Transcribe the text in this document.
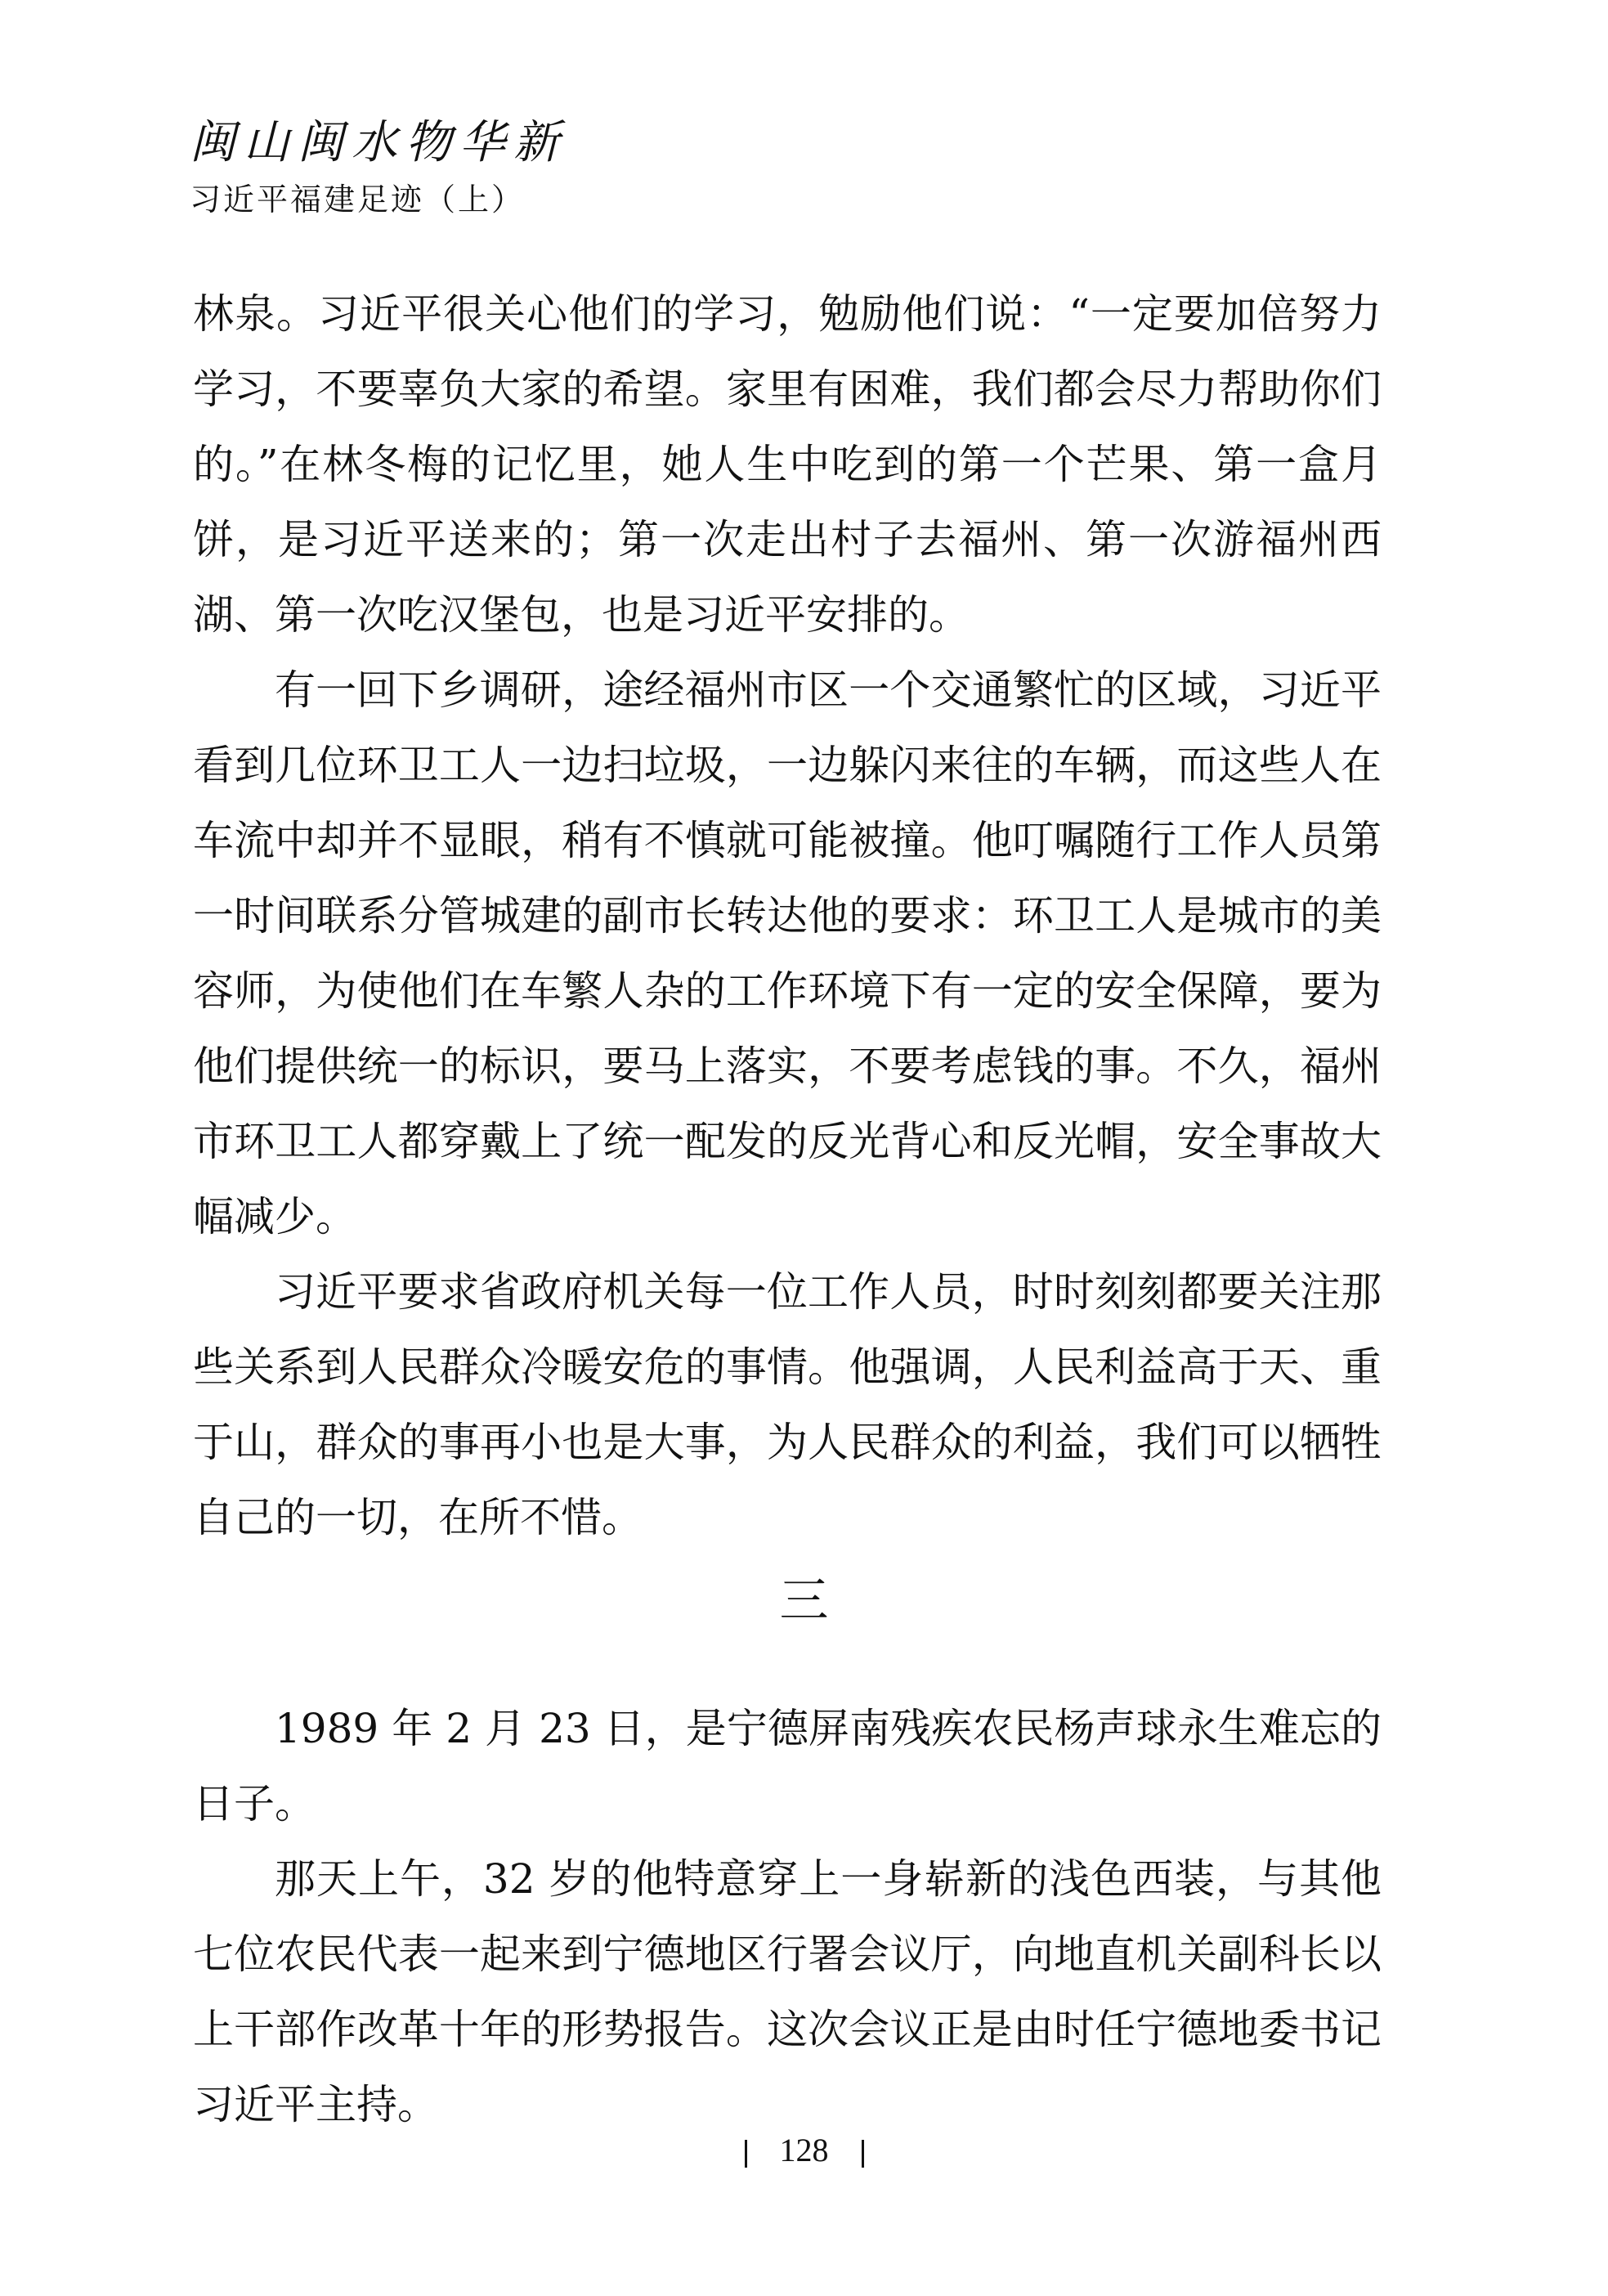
闽山闽水物华新
习近平福建足迹（上）

林泉。习近平很关心他们的学习，勉励他们说：“一定要加倍努力学习，不要辜负大家的希望。家里有困难，我们都会尽力帮助你们的。”在林冬梅的记忆里，她人生中吃到的第一个芒果、第一盒月饼，是习近平送来的；第一次走出村子去福州、第一次游福州西湖、第一次吃汉堡包，也是习近平安排的。

有一回下乡调研，途经福州市区一个交通繁忙的区域，习近平看到几位环卫工人一边扫垃圾，一边躲闪来往的车辆，而这些人在车流中却并不显眼，稍有不慎就可能被撞。他叮嘱随行工作人员第一时间联系分管城建的副市长转达他的要求：环卫工人是城市的美容师，为使他们在车繁人杂的工作环境下有一定的安全保障，要为他们提供统一的标识，要马上落实，不要考虑钱的事。不久，福州市环卫工人都穿戴上了统一配发的反光背心和反光帽，安全事故大幅减少。

习近平要求省政府机关每一位工作人员，时时刻刻都要关注那些关系到人民群众冷暖安危的事情。他强调，人民利益高于天、重于山，群众的事再小也是大事，为人民群众的利益，我们可以牺牲自己的一切，在所不惜。

三

1989 年 2 月 23 日，是宁德屏南残疾农民杨声球永生难忘的日子。

那天上午，32 岁的他特意穿上一身崭新的浅色西装，与其他七位农民代表一起来到宁德地区行署会议厅，向地直机关副科长以上干部作改革十年的形势报告。这次会议正是由时任宁德地委书记习近平主持。

128
